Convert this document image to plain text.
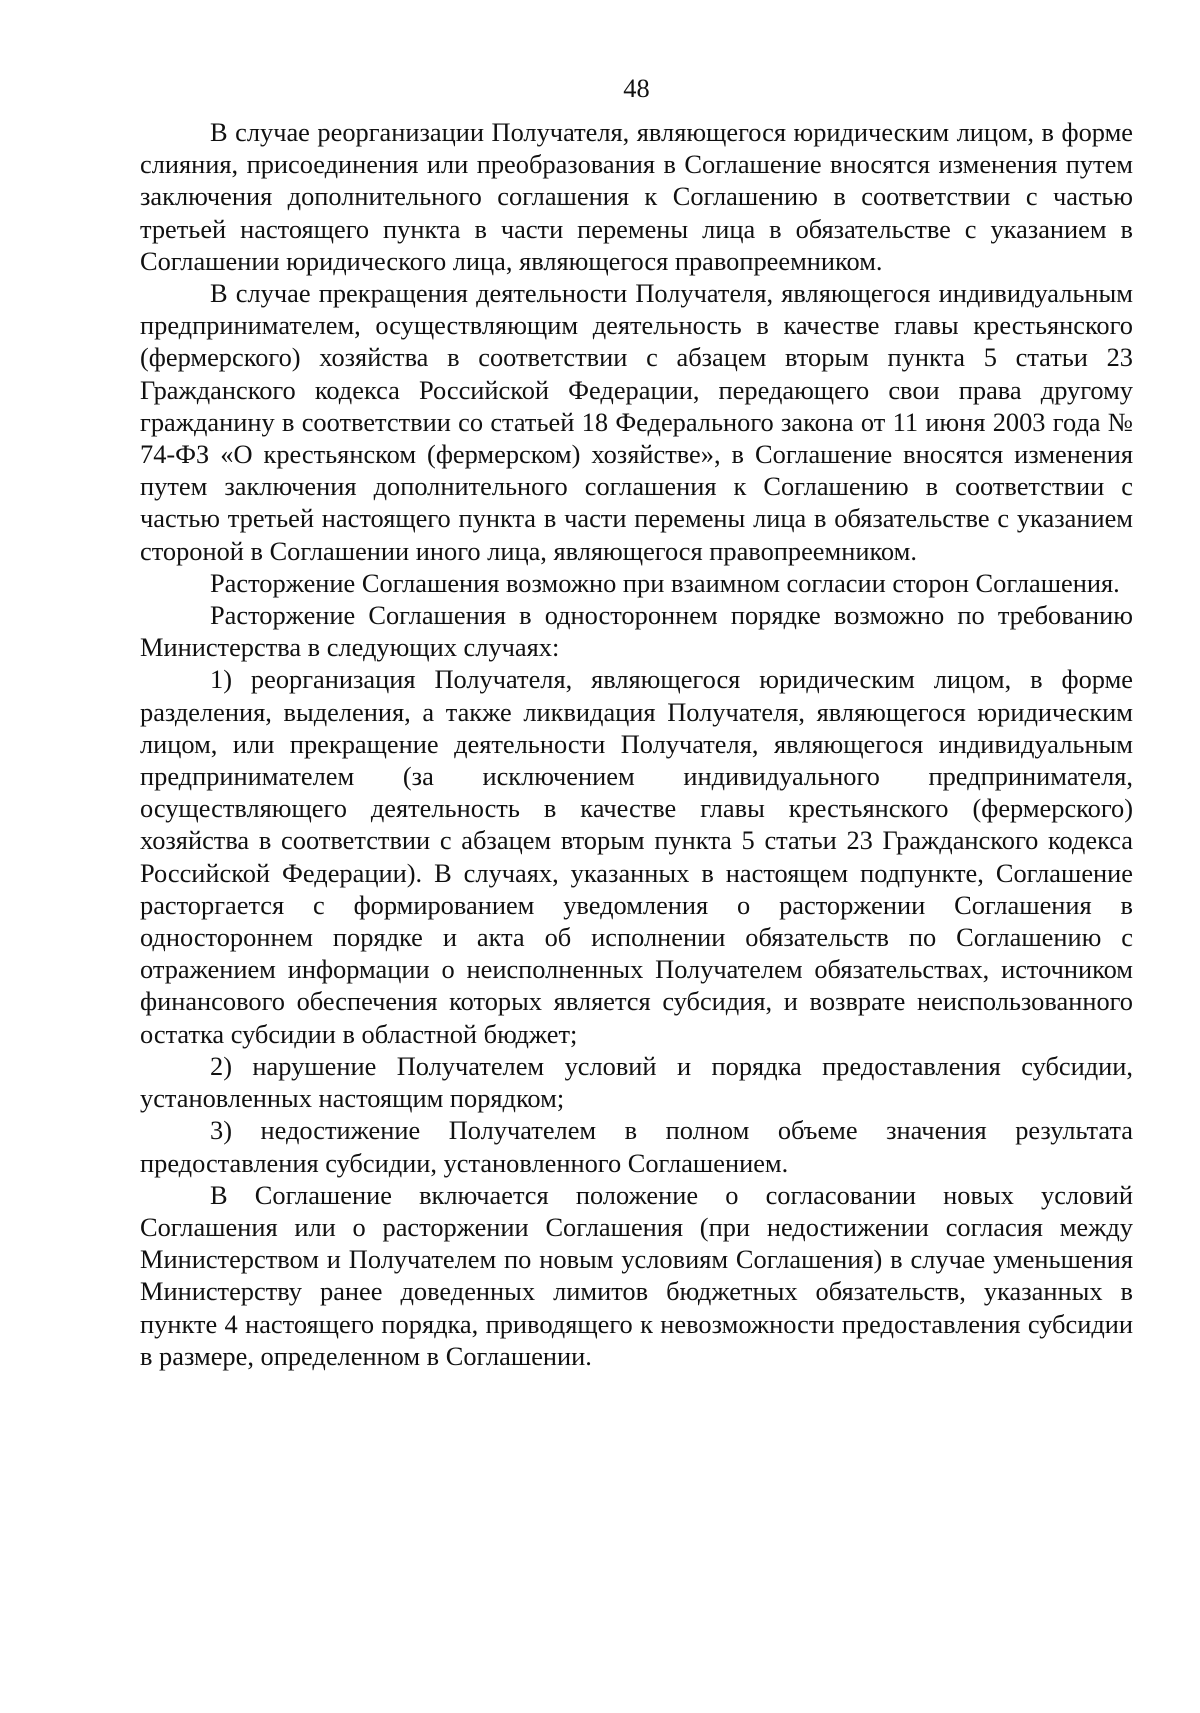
48

В случае реорганизации Получателя, являющегося юридическим лицом, в форме слияния, присоединения или преобразования в Соглашение вносятся изменения путем заключения дополнительного соглашения к Соглашению в соответствии с частью третьей настоящего пункта в части перемены лица в обязательстве с указанием в Соглашении юридического лица, являющегося правопреемником.

В случае прекращения деятельности Получателя, являющегося индивидуальным предпринимателем, осуществляющим деятельность в качестве главы крестьянского (фермерского) хозяйства в соответствии с абзацем вторым пункта 5 статьи 23 Гражданского кодекса Российской Федерации, передающего свои права другому гражданину в соответствии со статьей 18 Федерального закона от 11 июня 2003 года № 74-ФЗ «О крестьянском (фермерском) хозяйстве», в Соглашение вносятся изменения путем заключения дополнительного соглашения к Соглашению в соответствии с частью третьей настоящего пункта в части перемены лица в обязательстве с указанием стороной в Соглашении иного лица, являющегося правопреемником.

Расторжение Соглашения возможно при взаимном согласии сторон Соглашения.

Расторжение Соглашения в одностороннем порядке возможно по требованию Министерства в следующих случаях:

1) реорганизация Получателя, являющегося юридическим лицом, в форме разделения, выделения, а также ликвидация Получателя, являющегося юридическим лицом, или прекращение деятельности Получателя, являющегося индивидуальным предпринимателем (за исключением индивидуального предпринимателя, осуществляющего деятельность в качестве главы крестьянского (фермерского) хозяйства в соответствии с абзацем вторым пункта 5 статьи 23 Гражданского кодекса Российской Федерации). В случаях, указанных в настоящем подпункте, Соглашение расторгается с формированием уведомления о расторжении Соглашения в одностороннем порядке и акта об исполнении обязательств по Соглашению с отражением информации о неисполненных Получателем обязательствах, источником финансового обеспечения которых является субсидия, и возврате неиспользованного остатка субсидии в областной бюджет;

2) нарушение Получателем условий и порядка предоставления субсидии, установленных настоящим порядком;

3) недостижение Получателем в полном объеме значения результата предоставления субсидии, установленного Соглашением.

В Соглашение включается положение о согласовании новых условий Соглашения или о расторжении Соглашения (при недостижении согласия между Министерством и Получателем по новым условиям Соглашения) в случае уменьшения Министерству ранее доведенных лимитов бюджетных обязательств, указанных в пункте 4 настоящего порядка, приводящего к невозможности предоставления субсидии в размере, определенном в Соглашении.
